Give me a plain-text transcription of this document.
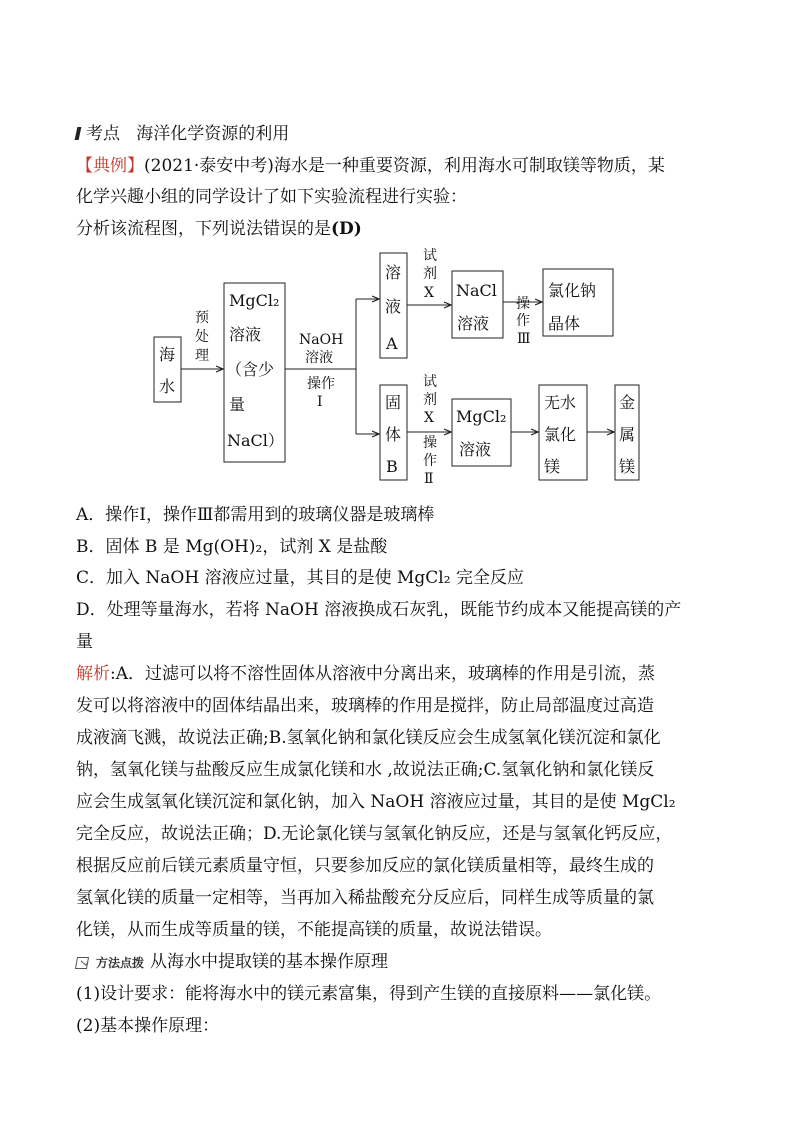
考点 海洋化学资源的利用
【典例】(2021·泰安中考)海水是一种重要资源，利用海水可制取镁等物质，某
化学兴趣小组的同学设计了如下实验流程进行实验：
分析该流程图，下列说法错误的是(D)
海
水
预
处
理
MgCl₂
溶液
（含少
量
NaCl）
NaOH
溶液
操作
Ⅰ
溶
液
A
试
剂
X NaCl
溶液
操
作
Ⅲ
氯化钠
晶体
固
体
B
试
剂
X
操
作
Ⅱ
MgCl₂
溶液
无水
氯化
镁
金
属
镁
A．操作Ⅰ，操作Ⅲ都需用到的玻璃仪器是玻璃棒
B．固体 B 是 Mg(OH)₂，试剂 X 是盐酸
C．加入 NaOH 溶液应过量，其目的是使 MgCl₂ 完全反应
D．处理等量海水，若将 NaOH 溶液换成石灰乳，既能节约成本又能提高镁的产
量
解析:A．过滤可以将不溶性固体从溶液中分离出来，玻璃棒的作用是引流，蒸
发可以将溶液中的固体结晶出来，玻璃棒的作用是搅拌，防止局部温度过高造
成液滴飞溅，故说法正确;B.氢氧化钠和氯化镁反应会生成氢氧化镁沉淀和氯化
钠，氢氧化镁与盐酸反应生成氯化镁和水 ,故说法正确;C.氢氧化钠和氯化镁反
应会生成氢氧化镁沉淀和氯化钠，加入 NaOH 溶液应过量，其目的是使 MgCl₂
完全反应，故说法正确；D.无论氯化镁与氢氧化钠反应，还是与氢氧化钙反应，
根据反应前后镁元素质量守恒，只要参加反应的氯化镁质量相等，最终生成的
氢氧化镁的质量一定相等，当再加入稀盐酸充分反应后，同样生成等质量的氯
化镁，从而生成等质量的镁，不能提高镁的质量，故说法错误。
方法点拨 从海水中提取镁的基本操作原理
(1)设计要求：能将海水中的镁元素富集，得到产生镁的直接原料——氯化镁。
(2)基本操作原理：
